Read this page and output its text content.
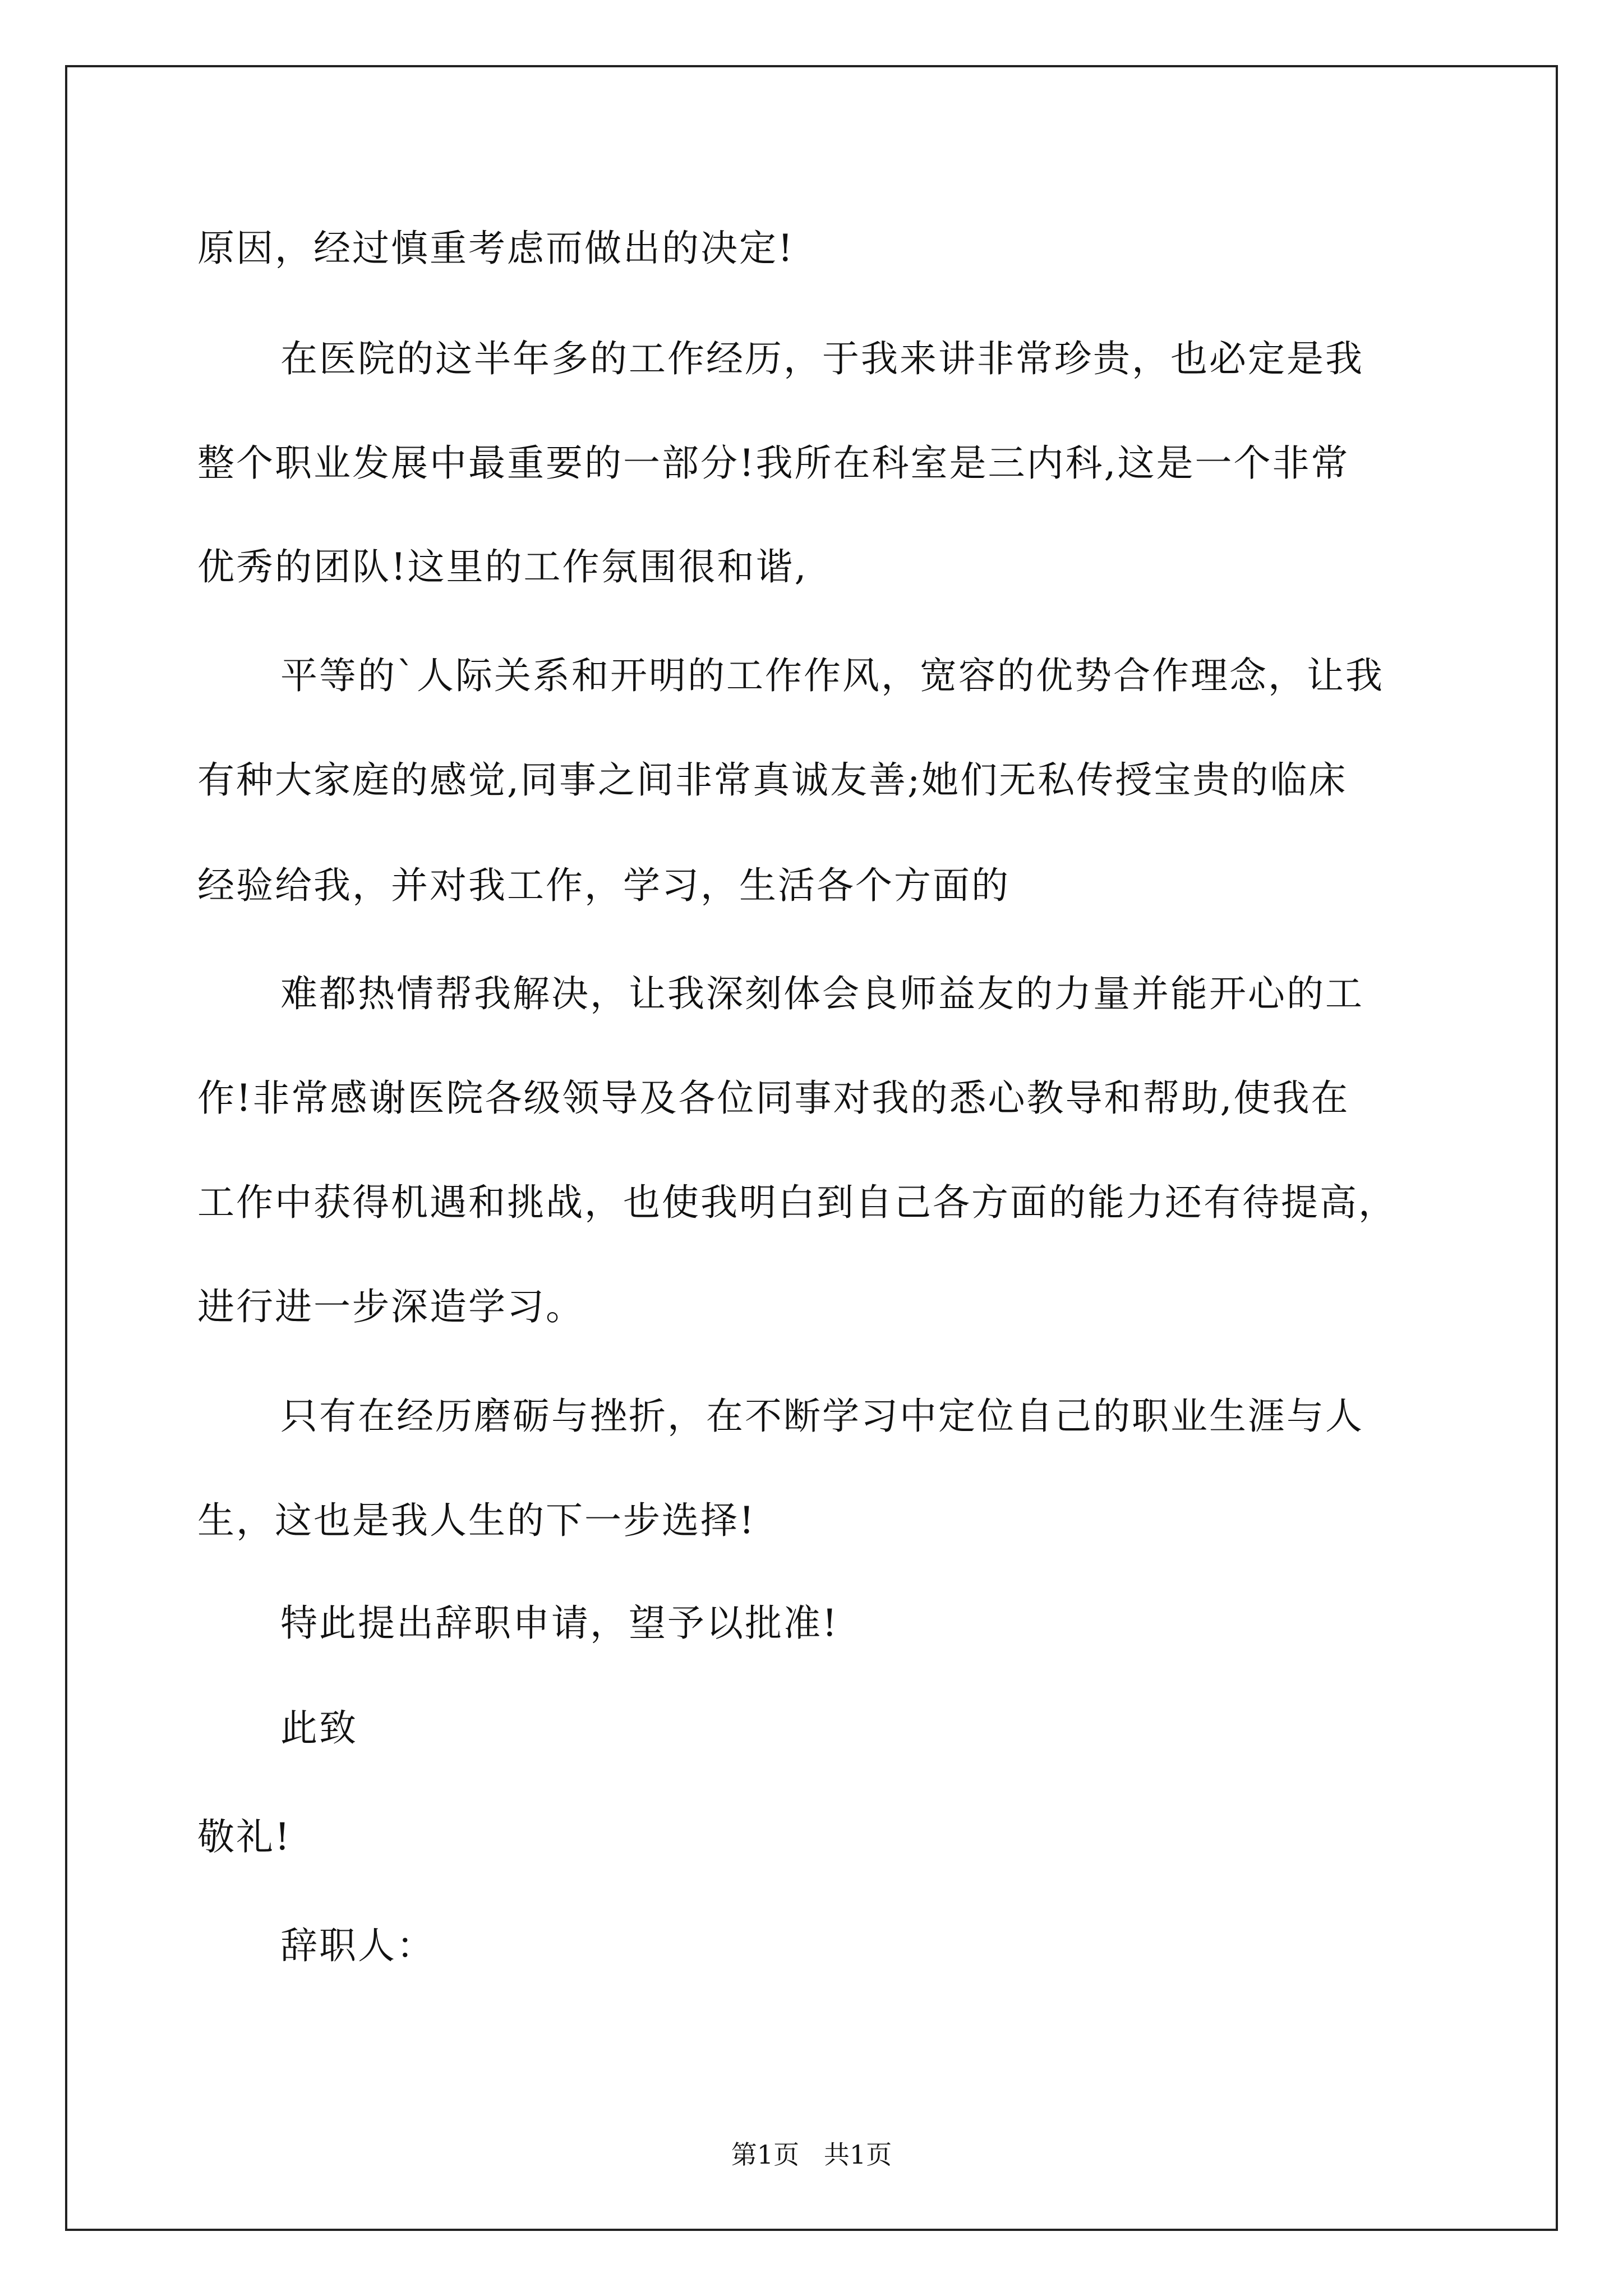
原因，经过慎重考虑而做出的决定!
在医院的这半年多的工作经历，于我来讲非常珍贵，也必定是我
整个职业发展中最重要的一部分!我所在科室是三内科,这是一个非常
优秀的团队!这里的工作氛围很和谐,
平等的`人际关系和开明的工作作风，宽容的优势合作理念，让我
有种大家庭的感觉,同事之间非常真诚友善;她们无私传授宝贵的临床
经验给我，并对我工作，学习，生活各个方面的
难都热情帮我解决，让我深刻体会良师益友的力量并能开心的工
作!非常感谢医院各级领导及各位同事对我的悉心教导和帮助,使我在
工作中获得机遇和挑战，也使我明白到自己各方面的能力还有待提高，
进行进一步深造学习。
只有在经历磨砺与挫折，在不断学习中定位自己的职业生涯与人
生，这也是我人生的下一步选择!
特此提出辞职申请，望予以批准!
此致
敬礼!
辞职人：
第1页   共1页
